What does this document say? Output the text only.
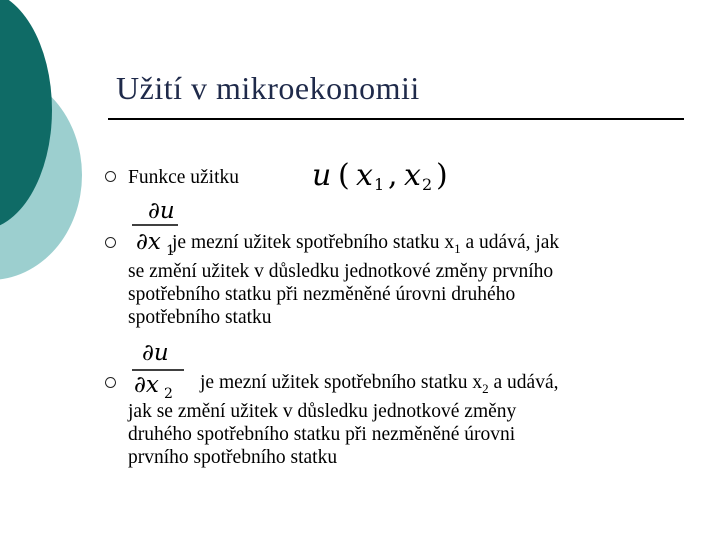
Užití v mikroekonomii
Funkce užitku u ( x 1 , x 2 )
∂u
∂x 1
je mezní užitek spotřebního statku $x_1$ a udává, jak
se změní užitek v důsledku jednotkové změny prvního
spotřebního statku při nezměněné úrovni druhého
spotřebního statku
∂u
∂x 2
je mezní užitek spotřebního statku $x_2$ a udává,
jak se změní užitek v důsledku jednotkové změny
druhého spotřebního statku při nezměněné úrovni
prvního spotřebního statku
